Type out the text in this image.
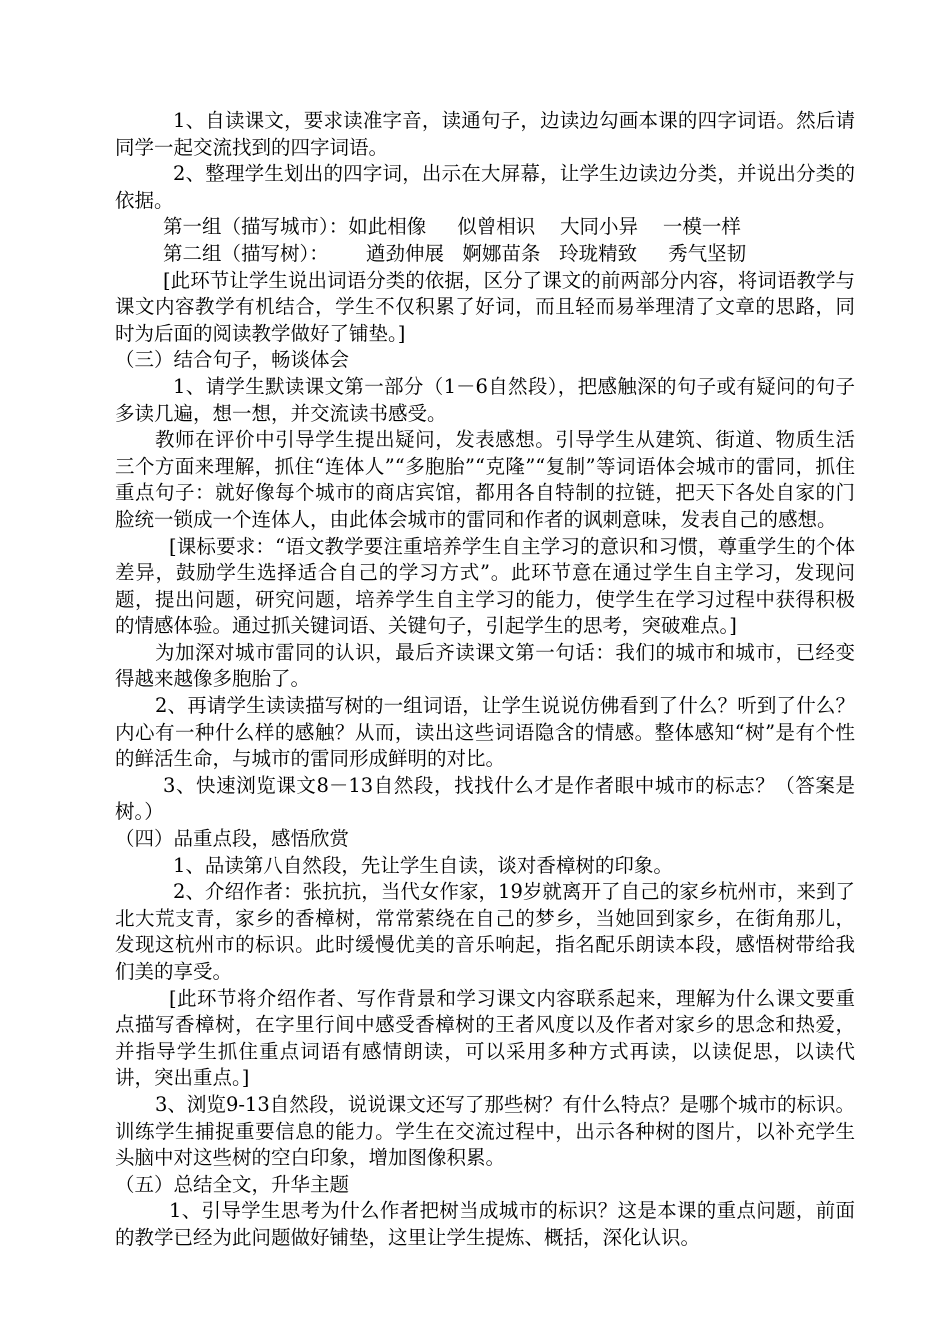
1、自读课文，要求读准字音，读通句子，边读边勾画本课的四字词语。然后请同学一起交流找到的四字词语。

2、整理学生划出的四字词，出示在大屏幕，让学生边读边分类，并说出分类的依据。

第一组（描写城市）：如此相像     似曾相识    大同小异    一模一样

第二组（描写树）：      遒劲伸展   婀娜苗条   玲珑精致     秀气坚韧

[此环节让学生说出词语分类的依据，区分了课文的前两部分内容，将词语教学与课文内容教学有机结合，学生不仅积累了好词，而且轻而易举理清了文章的思路，同时为后面的阅读教学做好了铺垫。]

（三）结合句子，畅谈体会

1、请学生默读课文第一部分（1－6自然段），把感触深的句子或有疑问的句子多读几遍，想一想，并交流读书感受。

教师在评价中引导学生提出疑问，发表感想。引导学生从建筑、街道、物质生活三个方面来理解，抓住“连体人”“多胞胎”“克隆”“复制”等词语体会城市的雷同，抓住重点句子：就好像每个城市的商店宾馆，都用各自特制的拉链，把天下各处自家的门脸统一锁成一个连体人，由此体会城市的雷同和作者的讽刺意味，发表自己的感想。

[课标要求：“语文教学要注重培养学生自主学习的意识和习惯，尊重学生的个体差异，鼓励学生选择适合自己的学习方式”。此环节意在通过学生自主学习，发现问题，提出问题，研究问题，培养学生自主学习的能力，使学生在学习过程中获得积极的情感体验。通过抓关键词语、关键句子，引起学生的思考，突破难点。]

为加深对城市雷同的认识，最后齐读课文第一句话：我们的城市和城市，已经变得越来越像多胞胎了。

2、再请学生读读描写树的一组词语，让学生说说仿佛看到了什么？听到了什么？内心有一种什么样的感触？从而，读出这些词语隐含的情感。整体感知“树”是有个性的鲜活生命，与城市的雷同形成鲜明的对比。

3、快速浏览课文8－13自然段，找找什么才是作者眼中城市的标志？（答案是树。）

（四）品重点段，感悟欣赏

1、品读第八自然段，先让学生自读，谈对香樟树的印象。

2、介绍作者：张抗抗，当代女作家，19岁就离开了自己的家乡杭州市，来到了北大荒支青，家乡的香樟树，常常萦绕在自己的梦乡，当她回到家乡，在街角那儿，发现这杭州市的标识。此时缓慢优美的音乐响起，指名配乐朗读本段，感悟树带给我们美的享受。

[此环节将介绍作者、写作背景和学习课文内容联系起来，理解为什么课文要重点描写香樟树，在字里行间中感受香樟树的王者风度以及作者对家乡的思念和热爱，并指导学生抓住重点词语有感情朗读，可以采用多种方式再读，以读促思，以读代讲，突出重点。]

3、浏览9-13自然段，说说课文还写了那些树？有什么特点？是哪个城市的标识。训练学生捕捉重要信息的能力。学生在交流过程中，出示各种树的图片，以补充学生头脑中对这些树的空白印象，增加图像积累。

（五）总结全文，升华主题

1、引导学生思考为什么作者把树当成城市的标识？这是本课的重点问题，前面的教学已经为此问题做好铺垫，这里让学生提炼、概括，深化认识。
